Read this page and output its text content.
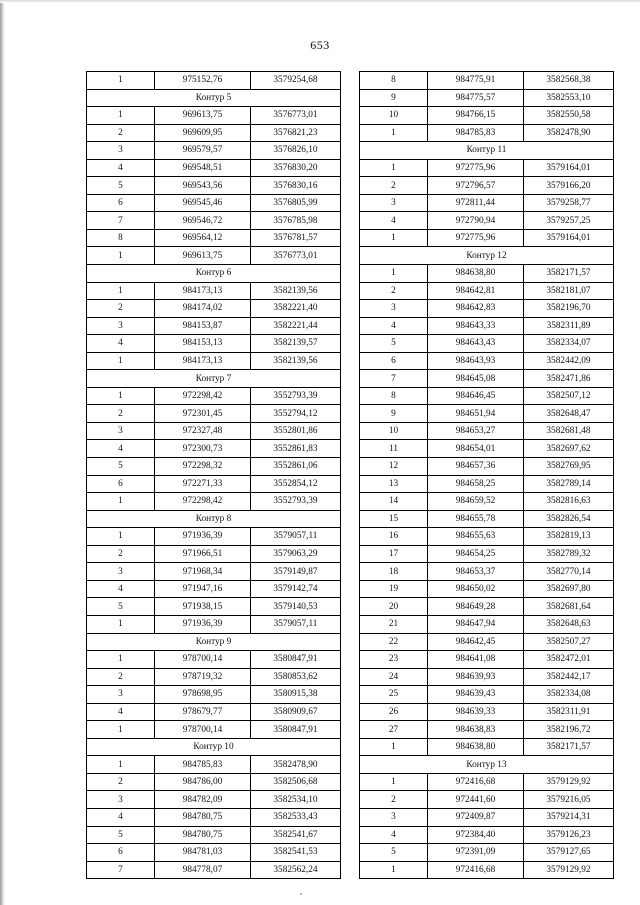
653
1	975152,76	3579254,68
Контур 5		
1	969613,75	3576773,01
2	969609,95	3576821,23
3	969579,57	3576826,10
4	969548,51	3576830,20
5	969543,56	3576830,16
6	969545,46	3576805,99
7	969546,72	3576785,98
8	969564,12	3576781,57
1	969613,75	3576773,01
Контур 6		
1	984173,13	3582139,56
2	984174,02	3582221,40
3	984153,87	3582221,44
4	984153,13	3582139,57
1	984173,13	3582139,56
Контур 7		
1	972298,42	3552793,39
2	972301,45	3552794,12
3	972327,48	3552801,86
4	972300,73	3552861,83
5	972298,32	3552861,06
6	972271,33	3552854,12
1	972298,42	3552793,39
Контур 8		
1	971936,39	3579057,11
2	971966,51	3579063,29
3	971968,34	3579149,87
4	971947,16	3579142,74
5	971938,15	3579140,53
1	971936,39	3579057,11
Контур 9		
1	978700,14	3580847,91
2	978719,32	3580853,62
3	978698,95	3580915,38
4	978679,77	3580909,67
1	978700,14	3580847,91
Контур 10		
1	984785,83	3582478,90
2	984786,00	3582506,68
3	984782,09	3582534,10
4	984780,75	3582533,43
5	984780,75	3582541,67
6	984781,03	3582541,53
7	984778,07	3582562,24
8	984775,91	3582568,38
9	984775,57	3582553,10
10	984766,15	3582550,58
1	984785,83	3582478,90
Контур 11		
1	972775,96	3579164,01
2	972796,57	3579166,20
3	972811,44	3579258,77
4	972790,94	3579257,25
1	972775,96	3579164,01
Контур 12		
1	984638,80	3582171,57
2	984642,81	3582181,07
3	984642,83	3582196,70
4	984643,33	3582311,89
5	984643,43	3582334,07
6	984643,93	3582442,09
7	984645,08	3582471,86
8	984646,45	3582507,12
9	984651,94	3582648,47
10	984653,27	3582681,48
11	984654,01	3582697,62
12	984657,36	3582769,95
13	984658,25	3582789,14
14	984659,52	3582816,63
15	984655,78	3582826,54
16	984655,63	3582819,13
17	984654,25	3582789,32
18	984653,37	3582770,14
19	984650,02	3582697,80
20	984649,28	3582681,64
21	984647,94	3582648,63
22	984642,45	3582507,27
23	984641,08	3582472,01
24	984639,93	3582442,17
25	984639,43	3582334,08
26	984639,33	3582311,91
27	984638,83	3582196,72
1	984638,80	3582171,57
Контур 13		
1	972416,68	3579129,92
2	972441,60	3579216,05
3	972409,87	3579214,31
4	972384,40	3579126,23
5	972391,09	3579127,65
1	972416,68	3579129,92
